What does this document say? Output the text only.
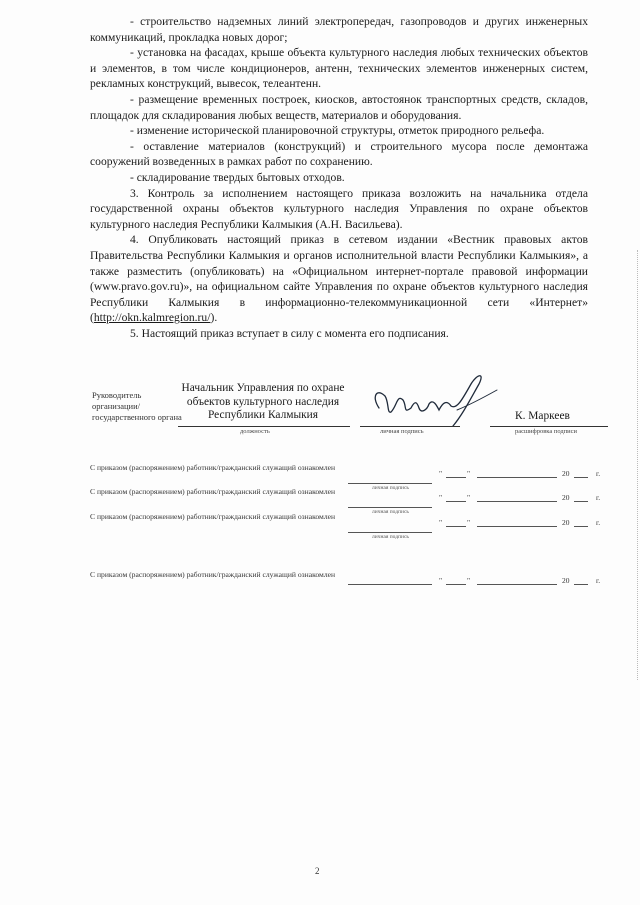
- строительство надземных линий электропередач, газопроводов и других инженерных коммуникаций, прокладка новых дорог;

- установка на фасадах, крыше объекта культурного наследия любых технических объектов и элементов, в том числе кондиционеров, антенн, технических элементов инженерных систем, рекламных конструкций, вывесок, телеантенн.

- размещение временных построек, киосков, автостоянок транспортных средств, складов, площадок для складирования любых веществ, материалов и оборудования.

- изменение исторической планировочной структуры, отметок природного рельефа.

- оставление материалов (конструкций) и строительного мусора после демонтажа сооружений возведенных в рамках работ по сохранению.

- складирование твердых бытовых отходов.

3. Контроль за исполнением настоящего приказа возложить на начальника отдела государственной охраны объектов культурного наследия Управления по охране объектов культурного наследия Республики Калмыкия (А.Н. Васильева).

4. Опубликовать настоящий приказ в сетевом издании «Вестник правовых актов Правительства Республики Калмыкия и органов исполнительной власти Республики Калмыкия», а также разместить (опубликовать) на «Официальном интернет-портале правовой информации (www.pravo.gov.ru)», на официальном сайте Управления по охране объектов культурного наследия Республики Калмыкия в информационно-телекоммуникационной сети «Интернет» (http://okn.kalmregion.ru/).

5. Настоящий приказ вступает в силу с момента его подписания.

Руководитель организации/государственного органа
Начальник Управления по охране объектов культурного наследия Республики Калмыкия
должность	личная подпись
К. Маркеев
расшифровка подписи
С приказом (распоряжением) работник/гражданский служащий ознакомлен
личная подпись
"	"	20	г.
С приказом (распоряжением) работник/гражданский служащий ознакомлен
личная подпись
"	"	20	г.
С приказом (распоряжением) работник/гражданский служащий ознакомлен
личная подпись
"	"	20	г.
С приказом (распоряжением) работник/гражданский служащий ознакомлен
"	"	20	г.
2
